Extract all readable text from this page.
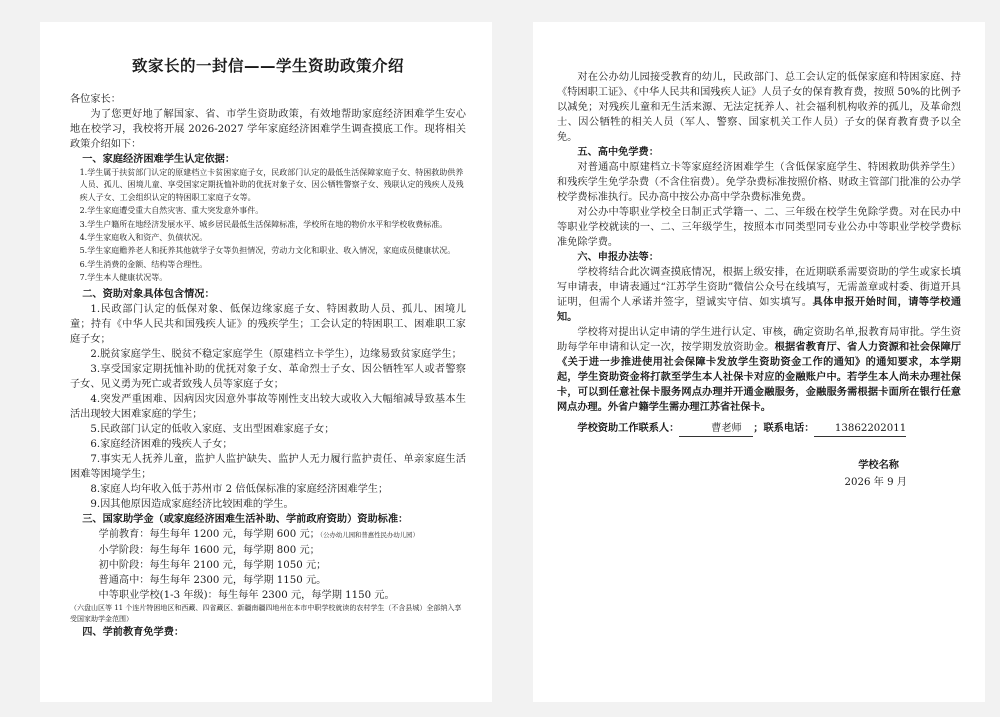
致家长的一封信——学生资助政策介绍

各位家长：

为了您更好地了解国家、省、市学生资助政策，有效地帮助家庭经济困难学生安心地在校学习，我校将开展 2026-2027 学年家庭经济困难学生调查摸底工作。现将相关政策介绍如下：

一、家庭经济困难学生认定依据：

1.学生属于扶贫部门认定的原建档立卡贫困家庭子女，民政部门认定的最低生活保障家庭子女、特困救助供养人员、孤儿、困境儿童、享受国家定期抚恤补助的优抚对象子女、因公牺牲警察子女、残联认定的残疾人及残疾人子女、工会组织认定的特困职工家庭子女等。

2.学生家庭遭受重大自然灾害、重大突发意外事件。

3.学生户籍所在地经济发展水平、城乡居民最低生活保障标准，学校所在地的物价水平和学校收费标准。

4.学生家庭收入和资产、负债状况。

5.学生家庭赡养老人和抚养其他就学子女等负担情况，劳动力文化和职业、收入情况，家庭成员健康状况。

6.学生消费的金额、结构等合理性。

7.学生本人健康状况等。

二、资助对象具体包含情况：

1.民政部门认定的低保对象、低保边缘家庭子女、特困救助人员、孤儿、困境儿童；持有《中华人民共和国残疾人证》的残疾学生；工会认定的特困职工、困难职工家庭子女；

2.脱贫家庭学生、脱贫不稳定家庭学生（原建档立卡学生），边缘易致贫家庭学生；

3.享受国家定期抚恤补助的优抚对象子女、革命烈士子女、因公牺牲军人或者警察子女、见义勇为死亡或者致残人员等家庭子女；

4.突发严重困难、因病因灾因意外事故等刚性支出较大或收入大幅缩减导致基本生活出现较大困难家庭的学生；

5.民政部门认定的低收入家庭、支出型困难家庭子女；

6.家庭经济困难的残疾人子女；

7.事实无人抚养儿童，监护人监护缺失、监护人无力履行监护责任、单亲家庭生活困难等困境学生；

8.家庭人均年收入低于苏州市 2 倍低保标准的家庭经济困难学生；

9.因其他原因造成家庭经济比较困难的学生。

三、国家助学金（或家庭经济困难生活补助、学前政府资助）资助标准：

学前教育：每生每年 1200 元，每学期 600 元；（公办幼儿园和普惠性民办幼儿园）

小学阶段：每生每年 1600 元，每学期 800 元；

初中阶段：每生每年 2100 元，每学期 1050 元；

普通高中：每生每年 2300 元，每学期 1150 元。

中等职业学校(1-3 年级)：每生每年 2300 元，每学期 1150 元。

（六盘山区等 11 个连片特困地区和西藏、四省藏区、新疆南疆四地州在本市中职学校就读的农村学生（不含县城）全部纳入享受国家助学金范围）

四、学前教育免学费：

对在公办幼儿园接受教育的幼儿，民政部门、总工会认定的低保家庭和特困家庭、持《特困职工证》、《中华人民共和国残疾人证》人员子女的保育教育费，按照 50%的比例予以减免；对残疾儿童和无生活来源、无法定抚养人、社会福利机构收养的孤儿，及革命烈士、因公牺牲的相关人员（军人、警察、国家机关工作人员）子女的保育教育费予以全免。

五、高中免学费：

对普通高中原建档立卡等家庭经济困难学生（含低保家庭学生、特困救助供养学生）和残疾学生免学杂费（不含住宿费）。免学杂费标准按照价格、财政主管部门批准的公办学校学费标准执行。民办高中按公办高中学杂费标准免费。

对公办中等职业学校全日制正式学籍一、二、三年级在校学生免除学费。对在民办中等职业学校就读的一、二、三年级学生，按照本市同类型同专业公办中等职业学校学费标准免除学费。

六、申报办法等：

学校将结合此次调查摸底情况，根据上级安排，在近期联系需要资助的学生或家长填写申请表，申请表通过“江苏学生资助”微信公众号在线填写，无需盖章或村委、街道开具证明，但需个人承诺并签字，望诚实守信、如实填写。具体申报开始时间，请等学校通知。

学校将对提出认定申请的学生进行认定、审核，确定资助名单,报教育局审批。学生资助每学年申请和认定一次，按学期发放资助金。根据省教育厅、省人力资源和社会保障厅《关于进一步推进使用社会保障卡发放学生资助资金工作的通知》的通知要求，本学期起，学生资助资金将打款至学生本人社保卡对应的金融账户中。若学生本人尚未办理社保卡，可以到任意社保卡服务网点办理并开通金融服务，金融服务需根据卡面所在银行任意网点办理。外省户籍学生需办理江苏省社保卡。

学校资助工作联系人：	曹老师 ；联系电话： 13862202011
学校名称
2026 年 9 月
